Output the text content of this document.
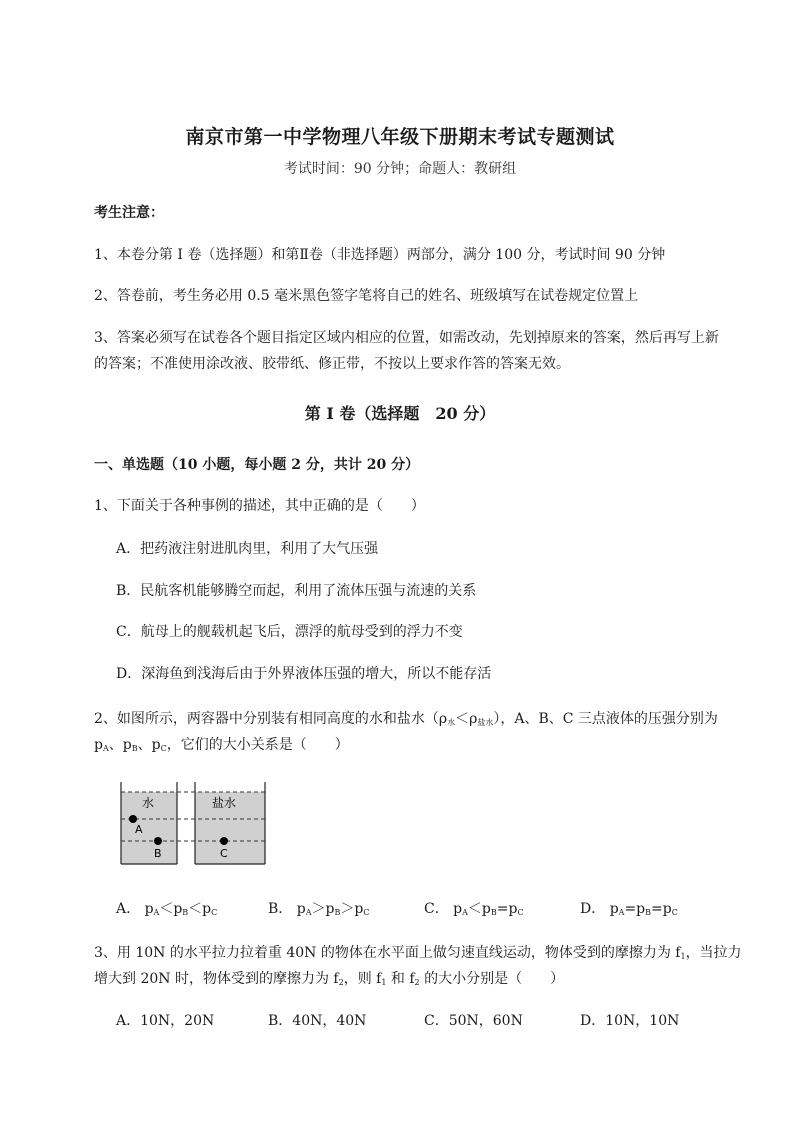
南京市第一中学物理八年级下册期末考试专题测试
考试时间：90 分钟；命题人：教研组
考生注意：
1、本卷分第 I 卷（选择题）和第Ⅱ卷（非选择题）两部分，满分 100 分，考试时间 90 分钟
2、答卷前，考生务必用 0.5 毫米黑色签字笔将自己的姓名、班级填写在试卷规定位置上
3、答案必须写在试卷各个题目指定区域内相应的位置，如需改动，先划掉原来的答案，然后再写上新
的答案；不准使用涂改液、胶带纸、修正带，不按以上要求作答的答案无效。
第 I 卷（选择题　20 分）
一、单选题（10 小题，每小题 2 分，共计 20 分）
1、下面关于各种事例的描述，其中正确的是（　　）
A．把药液注射进肌肉里，利用了大气压强
B．民航客机能够腾空而起，利用了流体压强与流速的关系
C．航母上的舰载机起飞后，漂浮的航母受到的浮力不变
D．深海鱼到浅海后由于外界液体压强的增大，所以不能存活
2、如图所示，两容器中分别装有相同高度的水和盐水$(\rho_水<\rho_{盐水})$，A、B、C 三点液体的压强分别为
$p_A$、$p_B$、$p_C$，它们的大小关系是（　　）
水	盐水
A
B	C
A． $p_A<p_B<p_C$	B． $p_A>p_B>p_C$	C． $p_A<p_B=p_C$	D． $p_A=p_B=p_C$
3、用 10N 的水平拉力拉着重 40N 的物体在水平面上做匀速直线运动，物体受到的摩擦力为 $f_1$，当拉力
增大到 20N 时，物体受到的摩擦力为 $f_2$，则 $f_1$ 和 $f_2$ 的大小分别是（　　）
A．10N，20N	B．40N，40N	C．50N，60N	D．10N，10N
